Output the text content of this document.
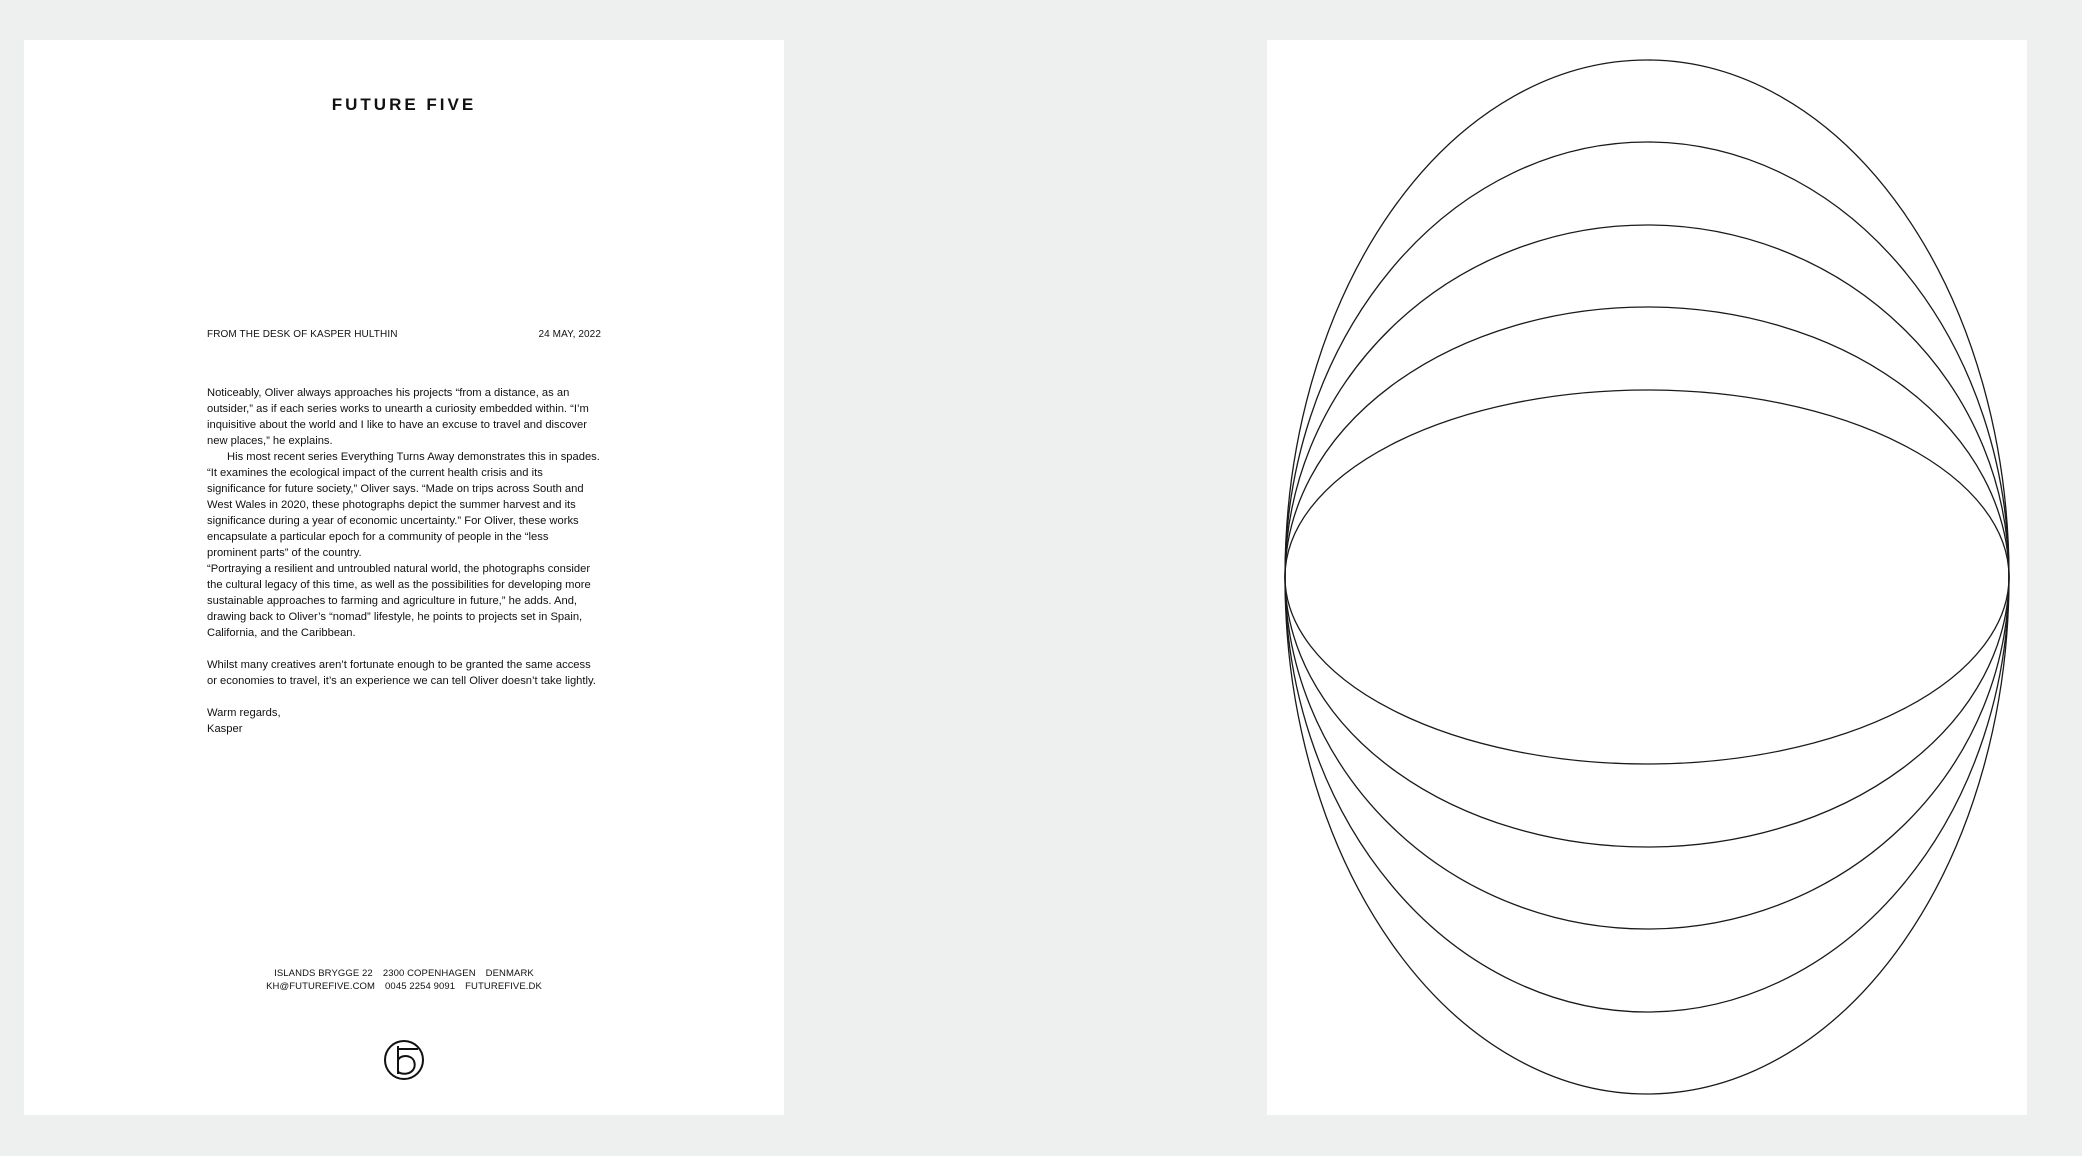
FUTURE FIVE
FROM THE DESK OF KASPER HULTHIN	24 MAY, 2022

Noticeably, Oliver always approaches his projects “from a distance, as an outsider,” as if each series works to unearth a curiosity embedded within. “I’m inquisitive about the world and I like to have an excuse to travel and discover new places,” he explains.

His most recent series Everything Turns Away demonstrates this in spades. “It examines the ecological impact of the current health crisis and its significance for future society,” Oliver says. “Made on trips across South and West Wales in 2020, these photographs depict the summer harvest and its significance during a year of economic uncertainty.” For Oliver, these works encapsulate a particular epoch for a community of people in the “less prominent parts” of the country.

“Portraying a resilient and untroubled natural world, the photographs consider the cultural legacy of this time, as well as the possibilities for developing more sustainable approaches to farming and agriculture in future,” he adds. And, drawing back to Oliver’s “nomad” lifestyle, he points to projects set in Spain, California, and the Caribbean.

Whilst many creatives aren’t fortunate enough to be granted the same access or economies to travel, it’s an experience we can tell Oliver doesn’t take lightly.

Warm regards,

Kasper

ISLANDS BRYGGE 22 2300 COPENHAGEN DENMARK
KH@FUTUREFIVE.COM 0045 2254 9091 FUTUREFIVE.DK
